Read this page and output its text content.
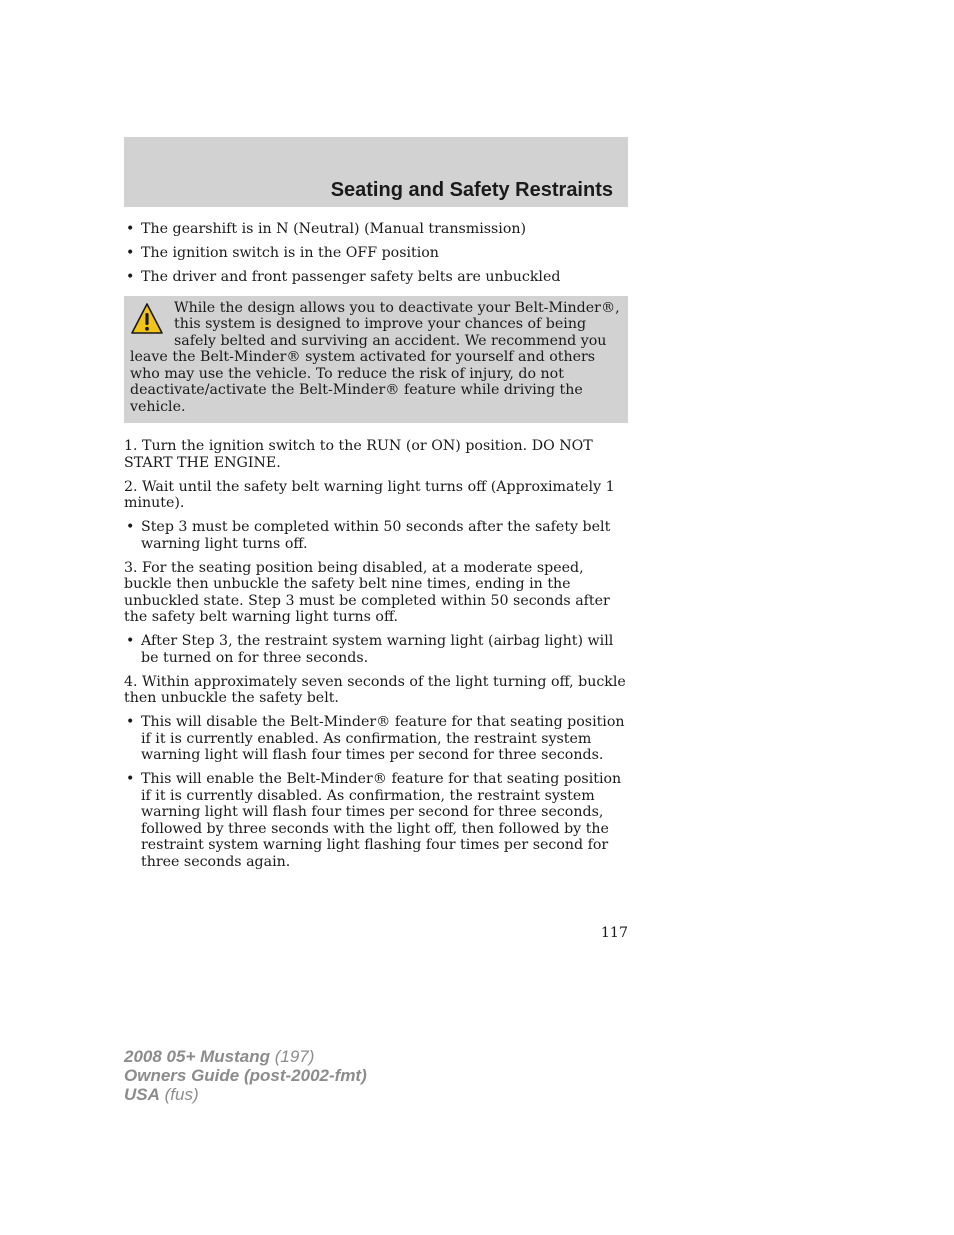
Seating and Safety Restraints
• The gearshift is in N (Neutral) (Manual transmission)
• The ignition switch is in the OFF position
• The driver and front passenger safety belts are unbuckled
While the design allows you to deactivate your Belt-Minder®, this system is designed to improve your chances of being safely belted and surviving an accident. We recommend you leave the Belt-Minder® system activated for yourself and others who may use the vehicle. To reduce the risk of injury, do not deactivate/activate the Belt-Minder® feature while driving the vehicle.

1. Turn the ignition switch to the RUN (or ON) position. DO NOT START THE ENGINE.

2. Wait until the safety belt warning light turns off (Approximately 1 minute).

• Step 3 must be completed within 50 seconds after the safety belt warning light turns off.

3. For the seating position being disabled, at a moderate speed, buckle then unbuckle the safety belt nine times, ending in the unbuckled state. Step 3 must be completed within 50 seconds after the safety belt warning light turns off.

• After Step 3, the restraint system warning light (airbag light) will be turned on for three seconds.

4. Within approximately seven seconds of the light turning off, buckle then unbuckle the safety belt.

• This will disable the Belt-Minder® feature for that seating position if it is currently enabled. As confirmation, the restraint system warning light will flash four times per second for three seconds.
• This will enable the Belt-Minder® feature for that seating position if it is currently disabled. As confirmation, the restraint system warning light will flash four times per second for three seconds, followed by three seconds with the light off, then followed by the restraint system warning light flashing four times per second for three seconds again.
117
2008 05+ Mustang (197)
Owners Guide (post-2002-fmt)
USA (fus)
